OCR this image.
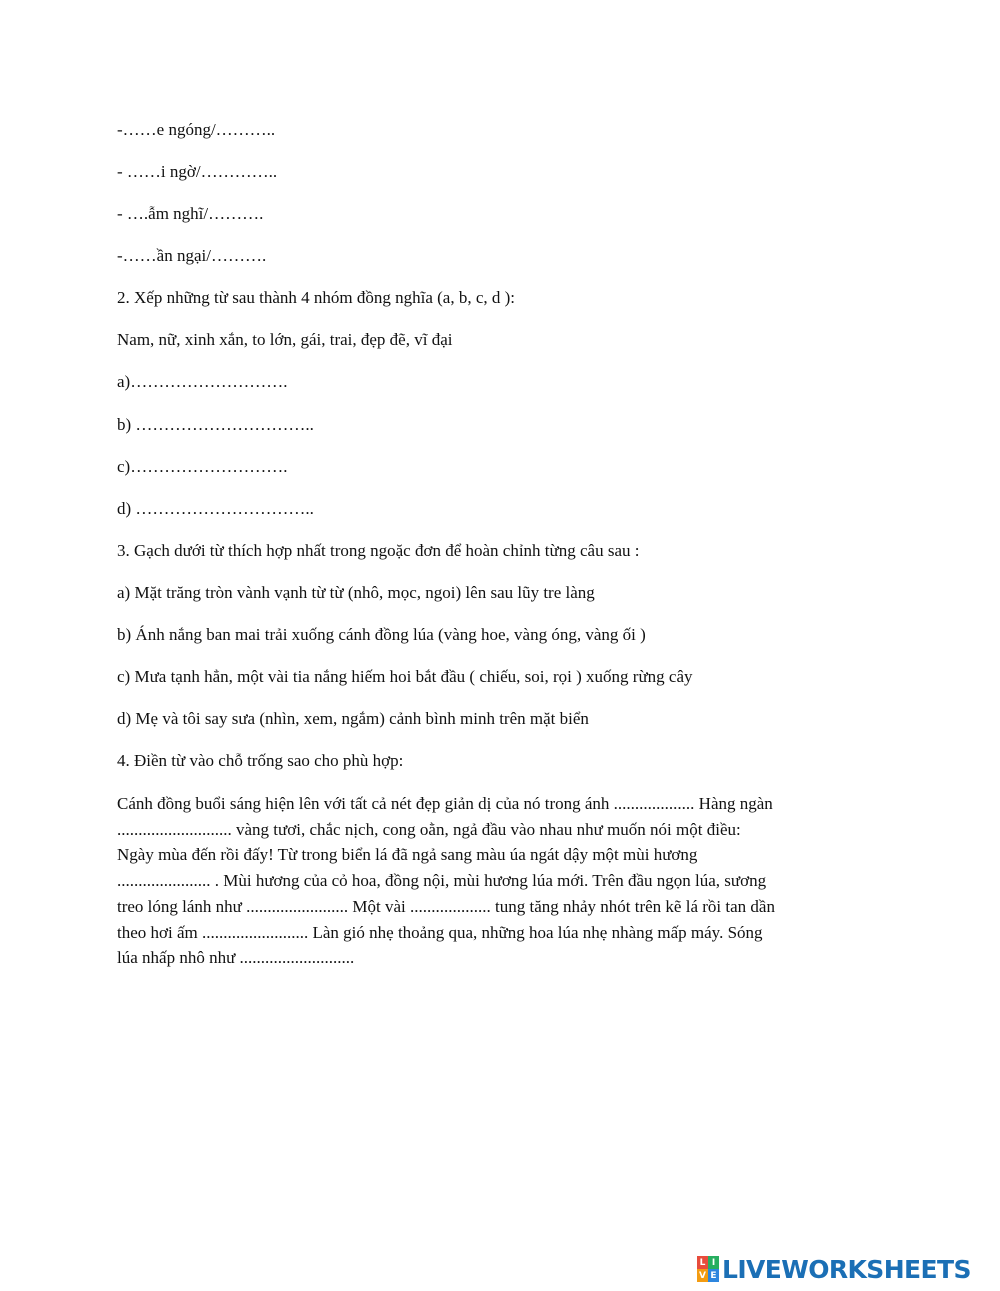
-……e ngóng/………..
- ……i ngờ/…………..
- ….ẫm nghĩ/……….
-……ần ngại/……….
2. Xếp những từ sau thành 4 nhóm đồng nghĩa (a, b, c, d ):
Nam, nữ, xinh xắn, to lớn, gái, trai, đẹp đẽ, vĩ đại
a)……………………….
b) …………………………..
c)……………………….
d) …………………………..
3. Gạch dưới từ thích hợp nhất trong ngoặc đơn để hoàn chỉnh từng câu sau :
a) Mặt trăng tròn vành vạnh từ từ (nhô, mọc, ngoi) lên sau lũy tre làng
b) Ánh nắng ban mai trải xuống cánh đồng lúa (vàng hoe, vàng óng, vàng ối )
c) Mưa tạnh hẳn, một vài tia nắng hiếm hoi bắt đầu ( chiếu, soi, rọi ) xuống rừng cây
d) Mẹ và tôi say sưa (nhìn, xem, ngắm) cảnh bình minh trên mặt biển
4. Điền từ vào chỗ trống sao cho phù hợp:
Cánh đồng buổi sáng hiện lên với tất cả nét đẹp giản dị của nó trong ánh ................... Hàng ngàn
........................... vàng tươi, chắc nịch, cong oằn, ngả đầu vào nhau như muốn nói một điều:
Ngày mùa đến rồi đấy! Từ trong biển lá đã ngả sang màu úa ngát dậy một mùi hương
...................... . Mùi hương của cỏ hoa, đồng nội, mùi hương lúa mới. Trên đầu ngọn lúa, sương
treo lóng lánh như ........................ Một vài ................... tung tăng nhảy nhót trên kẽ lá rồi tan dần
theo hơi ấm ......................... Làn gió nhẹ thoảng qua, những hoa lúa nhẹ nhàng mấp máy. Sóng
lúa nhấp nhô như ...........................
L I
V E LIVEWORKSHEETS
